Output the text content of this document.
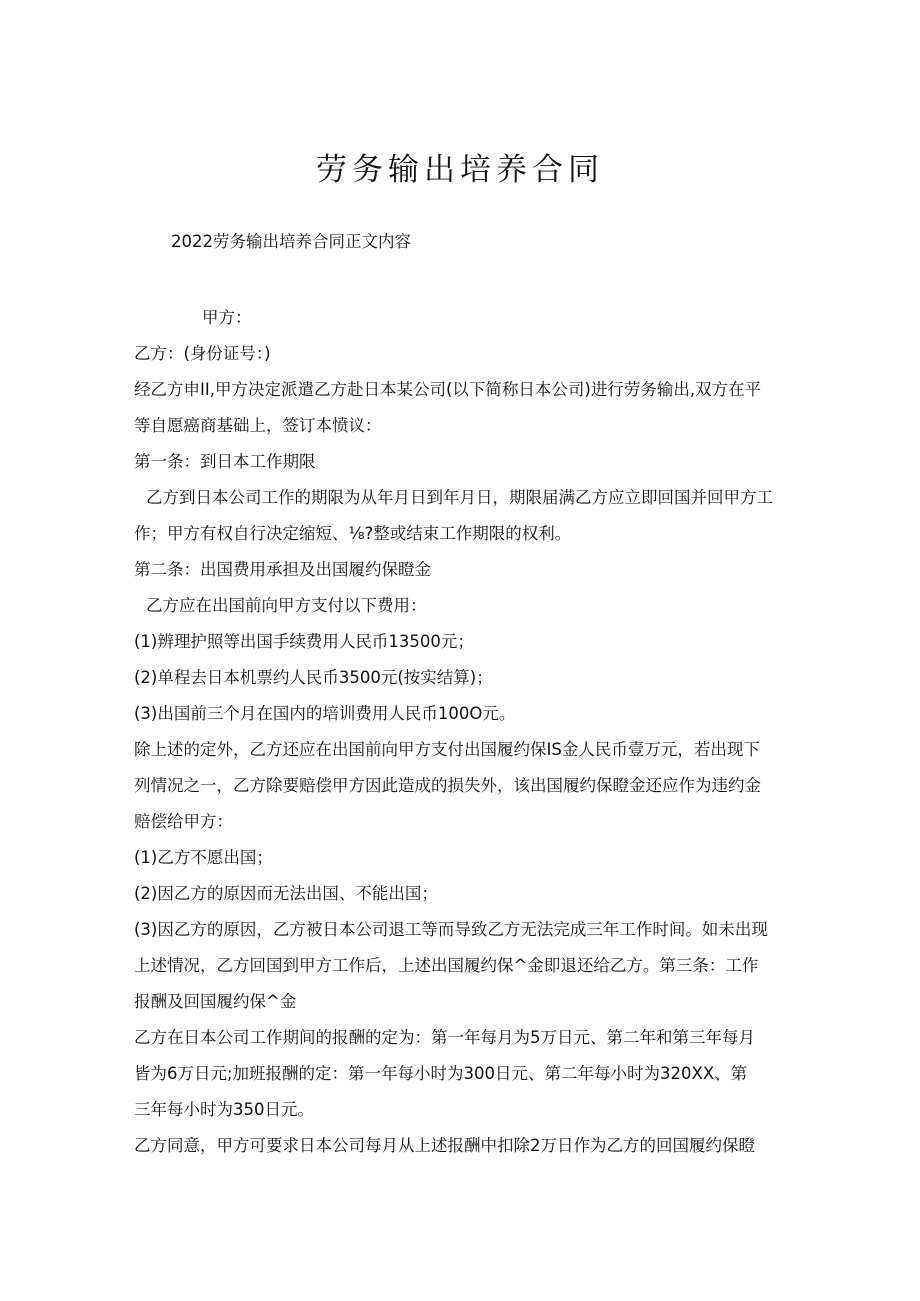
劳务输出培养合同

2022劳务输出培养合同正文内容

甲方：

乙方：(身份证号：)

经乙方申II,甲方决定派遣乙方赴日本某公司(以下简称日本公司)进行劳务输出,双方在平

等自愿癌商基础上，签订本愤议：

第一条：到日本工作期限

乙方到日本公司工作的期限为从年月日到年月日，期限届满乙方应立即回国并回甲方工

作；甲方有权自行决定缩短、⅛?整或结束工作期限的权利。

第二条：出国费用承担及出国履约保瞪金

乙方应在出国前向甲方支付以下费用：

(1)辨理护照等出国手续费用人民币13500元；

(2)单程去日本机票约人民币3500元(按实结算)；

(3)出国前三个月在国内的培训费用人民币100O元。

除上述的定外，乙方还应在出国前向甲方支付出国履约保IS金人民币壹万元，若出现下

列情况之一，乙方除要赔偿甲方因此造成的损失外，该出国履约保瞪金还应作为违约金

赔偿给甲方：

(1)乙方不愿出国；

(2)因乙方的原因而无法出国、不能出国；

(3)因乙方的原因，乙方被日本公司退工等而导致乙方无法完成三年工作时间。如未出现

上述情况，乙方回国到甲方工作后，上述出国履约保^金即退还给乙方。第三条：工作

报酬及回国履约保^金

乙方在日本公司工作期间的报酬的定为：第一年每月为5万日元、第二年和第三年每月

皆为6万日元;加班报酬的定：第一年每小时为300日元、第二年每小时为320XX、第

三年每小时为350日元。

乙方同意，甲方可要求日本公司每月从上述报酬中扣除2万日作为乙方的回国履约保瞪
